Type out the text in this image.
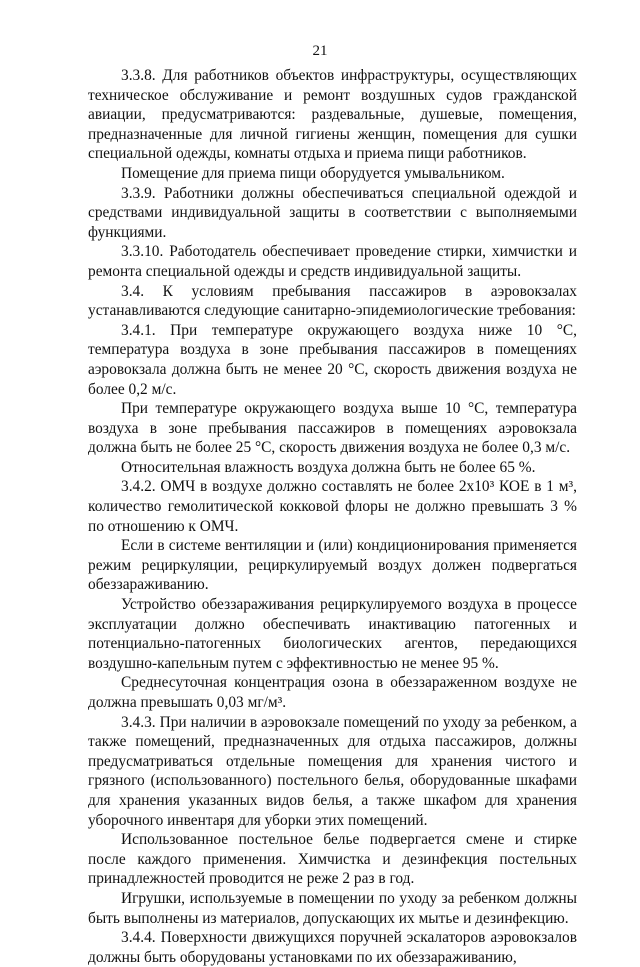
21

3.3.8. Для работников объектов инфраструктуры, осуществляющих техническое обслуживание и ремонт воздушных судов гражданской авиации, предусматриваются: раздевальные, душевые, помещения, предназначенные для личной гигиены женщин, помещения для сушки специальной одежды, комнаты отдыха и приема пищи работников.

Помещение для приема пищи оборудуется умывальником.

3.3.9. Работники должны обеспечиваться специальной одеждой и средствами индивидуальной защиты в соответствии с выполняемыми функциями.

3.3.10. Работодатель обеспечивает проведение стирки, химчистки и ремонта специальной одежды и средств индивидуальной защиты.

3.4. К условиям пребывания пассажиров в аэровокзалах устанавливаются следующие санитарно-эпидемиологические требования:

3.4.1. При температуре окружающего воздуха ниже 10 °С, температура воздуха в зоне пребывания пассажиров в помещениях аэровокзала должна быть не менее 20 °С, скорость движения воздуха не более 0,2 м/с.

При температуре окружающего воздуха выше 10 °С, температура воздуха в зоне пребывания пассажиров в помещениях аэровокзала должна быть не более 25 °С, скорость движения воздуха не более 0,3 м/с.

Относительная влажность воздуха должна быть не более 65 %.

3.4.2. ОМЧ в воздухе должно составлять не более 2х10³ КОЕ в 1 м³, количество гемолитической кокковой флоры не должно превышать 3 % по отношению к ОМЧ.

Если в системе вентиляции и (или) кондиционирования применяется режим рециркуляции, рециркулируемый воздух должен подвергаться обеззараживанию.

Устройство обеззараживания рециркулируемого воздуха в процессе эксплуатации должно обеспечивать инактивацию патогенных и потенциально-патогенных биологических агентов, передающихся воздушно-капельным путем с эффективностью не менее 95 %.

Среднесуточная концентрация озона в обеззараженном воздухе не должна превышать 0,03 мг/м³.

3.4.3. При наличии в аэровокзале помещений по уходу за ребенком, а также помещений, предназначенных для отдыха пассажиров, должны предусматриваться отдельные помещения для хранения чистого и грязного (использованного) постельного белья, оборудованные шкафами для хранения указанных видов белья, а также шкафом для хранения уборочного инвентаря для уборки этих помещений.

Использованное постельное белье подвергается смене и стирке после каждого применения. Химчистка и дезинфекция постельных принадлежностей проводится не реже 2 раз в год.

Игрушки, используемые в помещении по уходу за ребенком должны быть выполнены из материалов, допускающих их мытье и дезинфекцию.

3.4.4. Поверхности движущихся поручней эскалаторов аэровокзалов должны быть оборудованы установками по их обеззараживанию,
